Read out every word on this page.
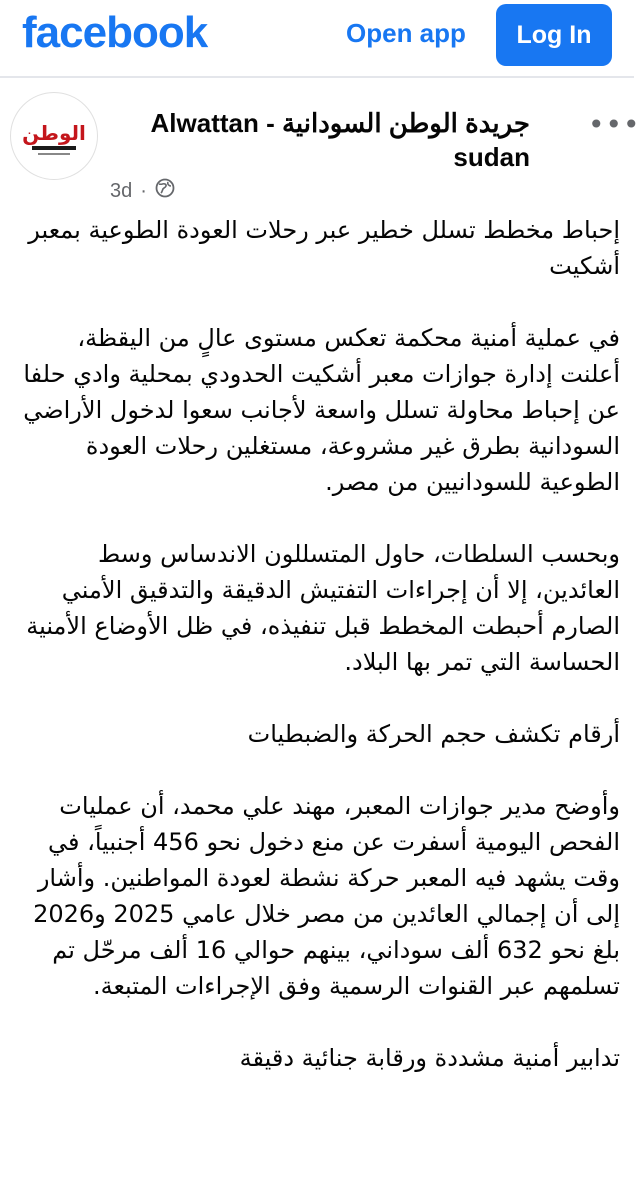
facebook	Open app	Log In
الوطن	جريدة الوطن السودانية - Alwattan sudan
•••
3d ·

إحباط مخطط تسلل خطير عبر رحلات العودة الطوعية بمعبر أشكيت

في عملية أمنية محكمة تعكس مستوى عالٍ من اليقظة، أعلنت إدارة جوازات معبر أشكيت الحدودي بمحلية وادي حلفا عن إحباط محاولة تسلل واسعة لأجانب سعوا لدخول الأراضي السودانية بطرق غير مشروعة، مستغلين رحلات العودة الطوعية للسودانيين من مصر.

وبحسب السلطات، حاول المتسللون الاندساس وسط العائدين، إلا أن إجراءات التفتيش الدقيقة والتدقيق الأمني الصارم أحبطت المخطط قبل تنفيذه، في ظل الأوضاع الأمنية الحساسة التي تمر بها البلاد.

أرقام تكشف حجم الحركة والضبطيات

وأوضح مدير جوازات المعبر، مهند علي محمد، أن عمليات الفحص اليومية أسفرت عن منع دخول نحو 456 أجنبياً، في وقت يشهد فيه المعبر حركة نشطة لعودة المواطنين. وأشار إلى أن إجمالي العائدين من مصر خلال عامي 2025 و2026 بلغ نحو 632 ألف سوداني، بينهم حوالي 16 ألف مرحّل تم تسلمهم عبر القنوات الرسمية وفق الإجراءات المتبعة.

تدابير أمنية مشددة ورقابة جنائية دقيقة
